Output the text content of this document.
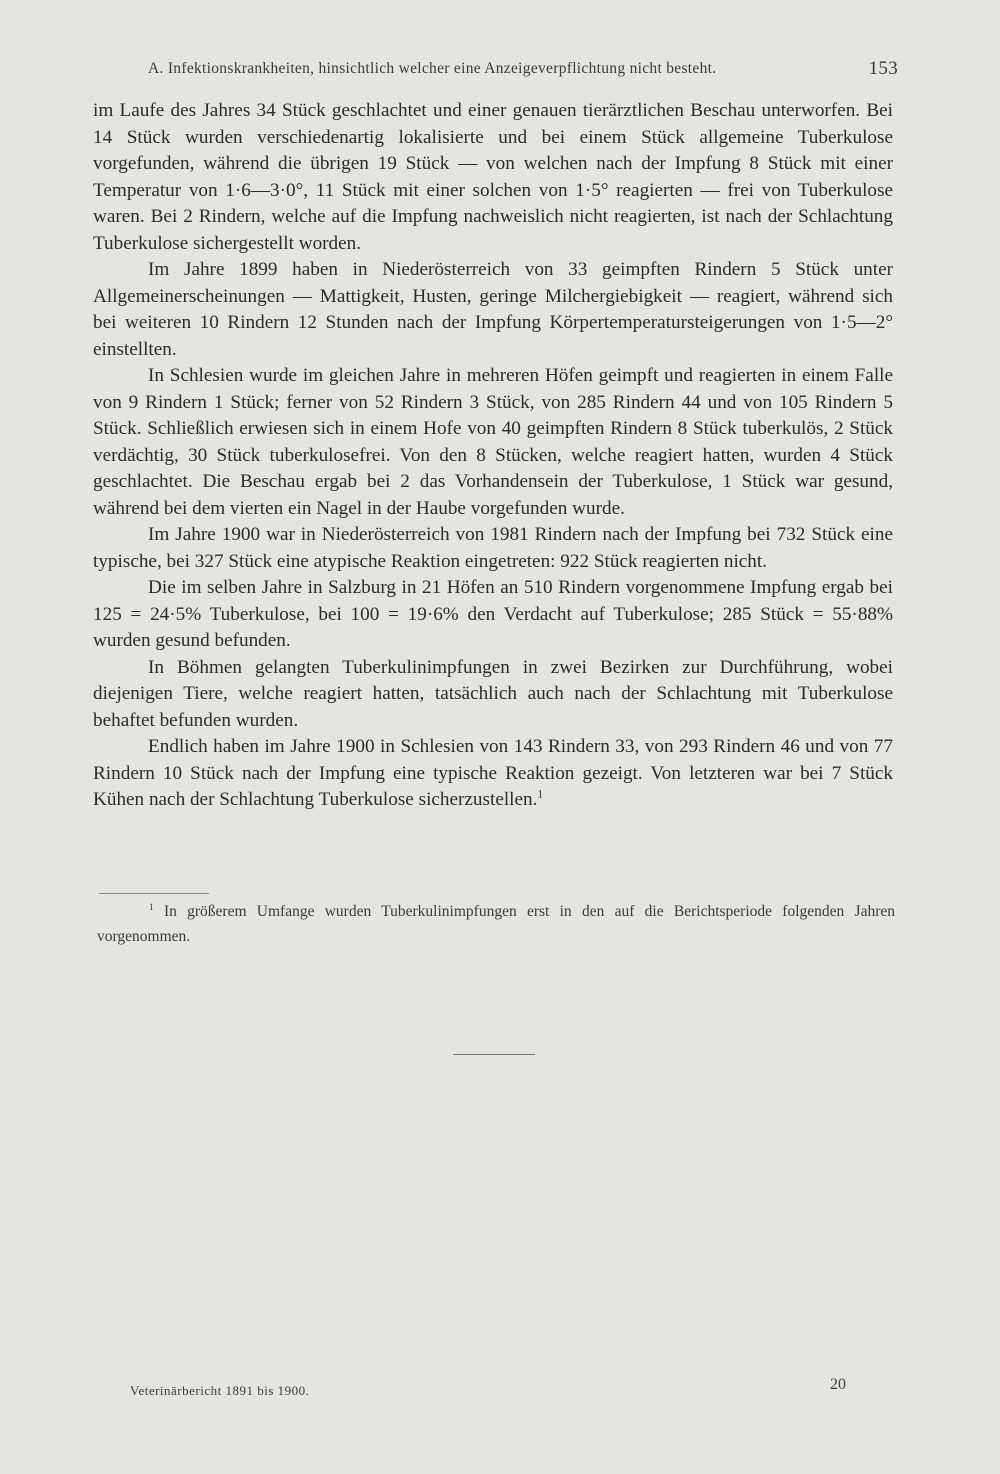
A. Infektionskrankheiten, hinsichtlich welcher eine Anzeigeverpflichtung nicht besteht.	153

im Laufe des Jahres 34 Stück geschlachtet und einer genauen tierärztlichen Beschau unterworfen. Bei 14 Stück wurden verschiedenartig lokalisierte und bei einem Stück allgemeine Tuberkulose vorgefunden, während die übrigen 19 Stück — von welchen nach der Impfung 8 Stück mit einer Temperatur von 1·6—3·0°, 11 Stück mit einer solchen von 1·5° reagierten — frei von Tuberkulose waren. Bei 2 Rindern, welche auf die Impfung nachweislich nicht reagierten, ist nach der Schlachtung Tuberkulose sichergestellt worden.

Im Jahre 1899 haben in Niederösterreich von 33 geimpften Rindern 5 Stück unter Allgemeinerscheinungen — Mattigkeit, Husten, geringe Milchergiebigkeit — reagiert, während sich bei weiteren 10 Rindern 12 Stunden nach der Impfung Körpertemperatursteigerungen von 1·5—2° einstellten.

In Schlesien wurde im gleichen Jahre in mehreren Höfen geimpft und reagierten in einem Falle von 9 Rindern 1 Stück; ferner von 52 Rindern 3 Stück, von 285 Rindern 44 und von 105 Rindern 5 Stück. Schließlich erwiesen sich in einem Hofe von 40 geimpften Rindern 8 Stück tuberkulös, 2 Stück verdächtig, 30 Stück tuberkulosefrei. Von den 8 Stücken, welche reagiert hatten, wurden 4 Stück geschlachtet. Die Beschau ergab bei 2 das Vorhandensein der Tuberkulose, 1 Stück war gesund, während bei dem vierten ein Nagel in der Haube vorgefunden wurde.

Im Jahre 1900 war in Niederösterreich von 1981 Rindern nach der Impfung bei 732 Stück eine typische, bei 327 Stück eine atypische Reaktion eingetreten: 922 Stück reagierten nicht.

Die im selben Jahre in Salzburg in 21 Höfen an 510 Rindern vorgenommene Impfung ergab bei 125 = 24·5% Tuberkulose, bei 100 = 19·6% den Verdacht auf Tuberkulose; 285 Stück = 55·88% wurden gesund befunden.

In Böhmen gelangten Tuberkulinimpfungen in zwei Bezirken zur Durchführung, wobei diejenigen Tiere, welche reagiert hatten, tatsächlich auch nach der Schlachtung mit Tuberkulose behaftet befunden wurden.

Endlich haben im Jahre 1900 in Schlesien von 143 Rindern 33, von 293 Rindern 46 und von 77 Rindern 10 Stück nach der Impfung eine typische Reaktion gezeigt. Von letzteren war bei 7 Stück Kühen nach der Schlachtung Tuberkulose sicherzustellen.$^1$

$^1$ In größerem Umfange wurden Tuberkulinimpfungen erst in den auf die Berichtsperiode folgenden Jahren vorgenommen.
Veterinärbericht 1891 bis 1900.	20
